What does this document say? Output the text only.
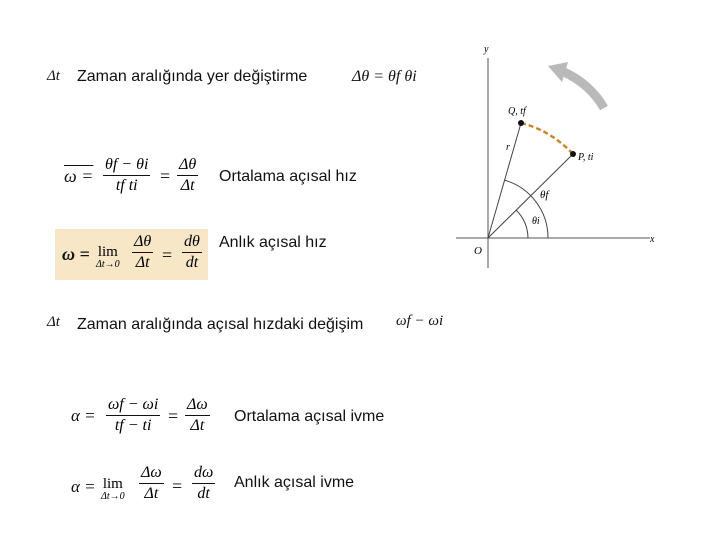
Δt Zaman aralığında yer değiştirme	Δθ = θf θi
ω =
θf − θi
tf ti	=
Δθ
Δt
Ortalama açısal hız
ω = lim
Δt→0
Δθ
Δt =
dθ
dt
Anlık açısal hız
Δt Zaman aralığında açısal hızdaki değişim ωf − ωi
α =
ωf − ωi
tf − ti =
Δω
Δt
Ortalama açısal ivme
α = lim
Δt→0
Δω
Δt =
dω
dt
Anlık açısal ivme
y
x
O
r
θf
θi
Q, tf
P, ti
